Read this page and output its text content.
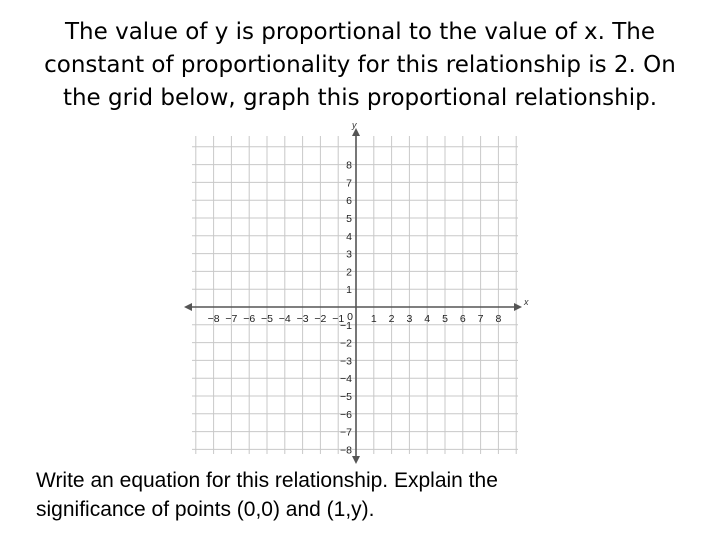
The value of y is proportional to the value of x. The
constant of proportionality for this relationship is 2. On
the grid below, graph this proportional relationship.

x
y
−8 −7 −6 −5 −4 −3 −2 −1	1 2 3 4 5 6 7 8
8
7
6
5
4
3
2
1
−1
−2
−3
−4
−5
−6
−7
−8
0

Write an equation for this relationship. Explain the
significance of points (0,0) and (1,y).
